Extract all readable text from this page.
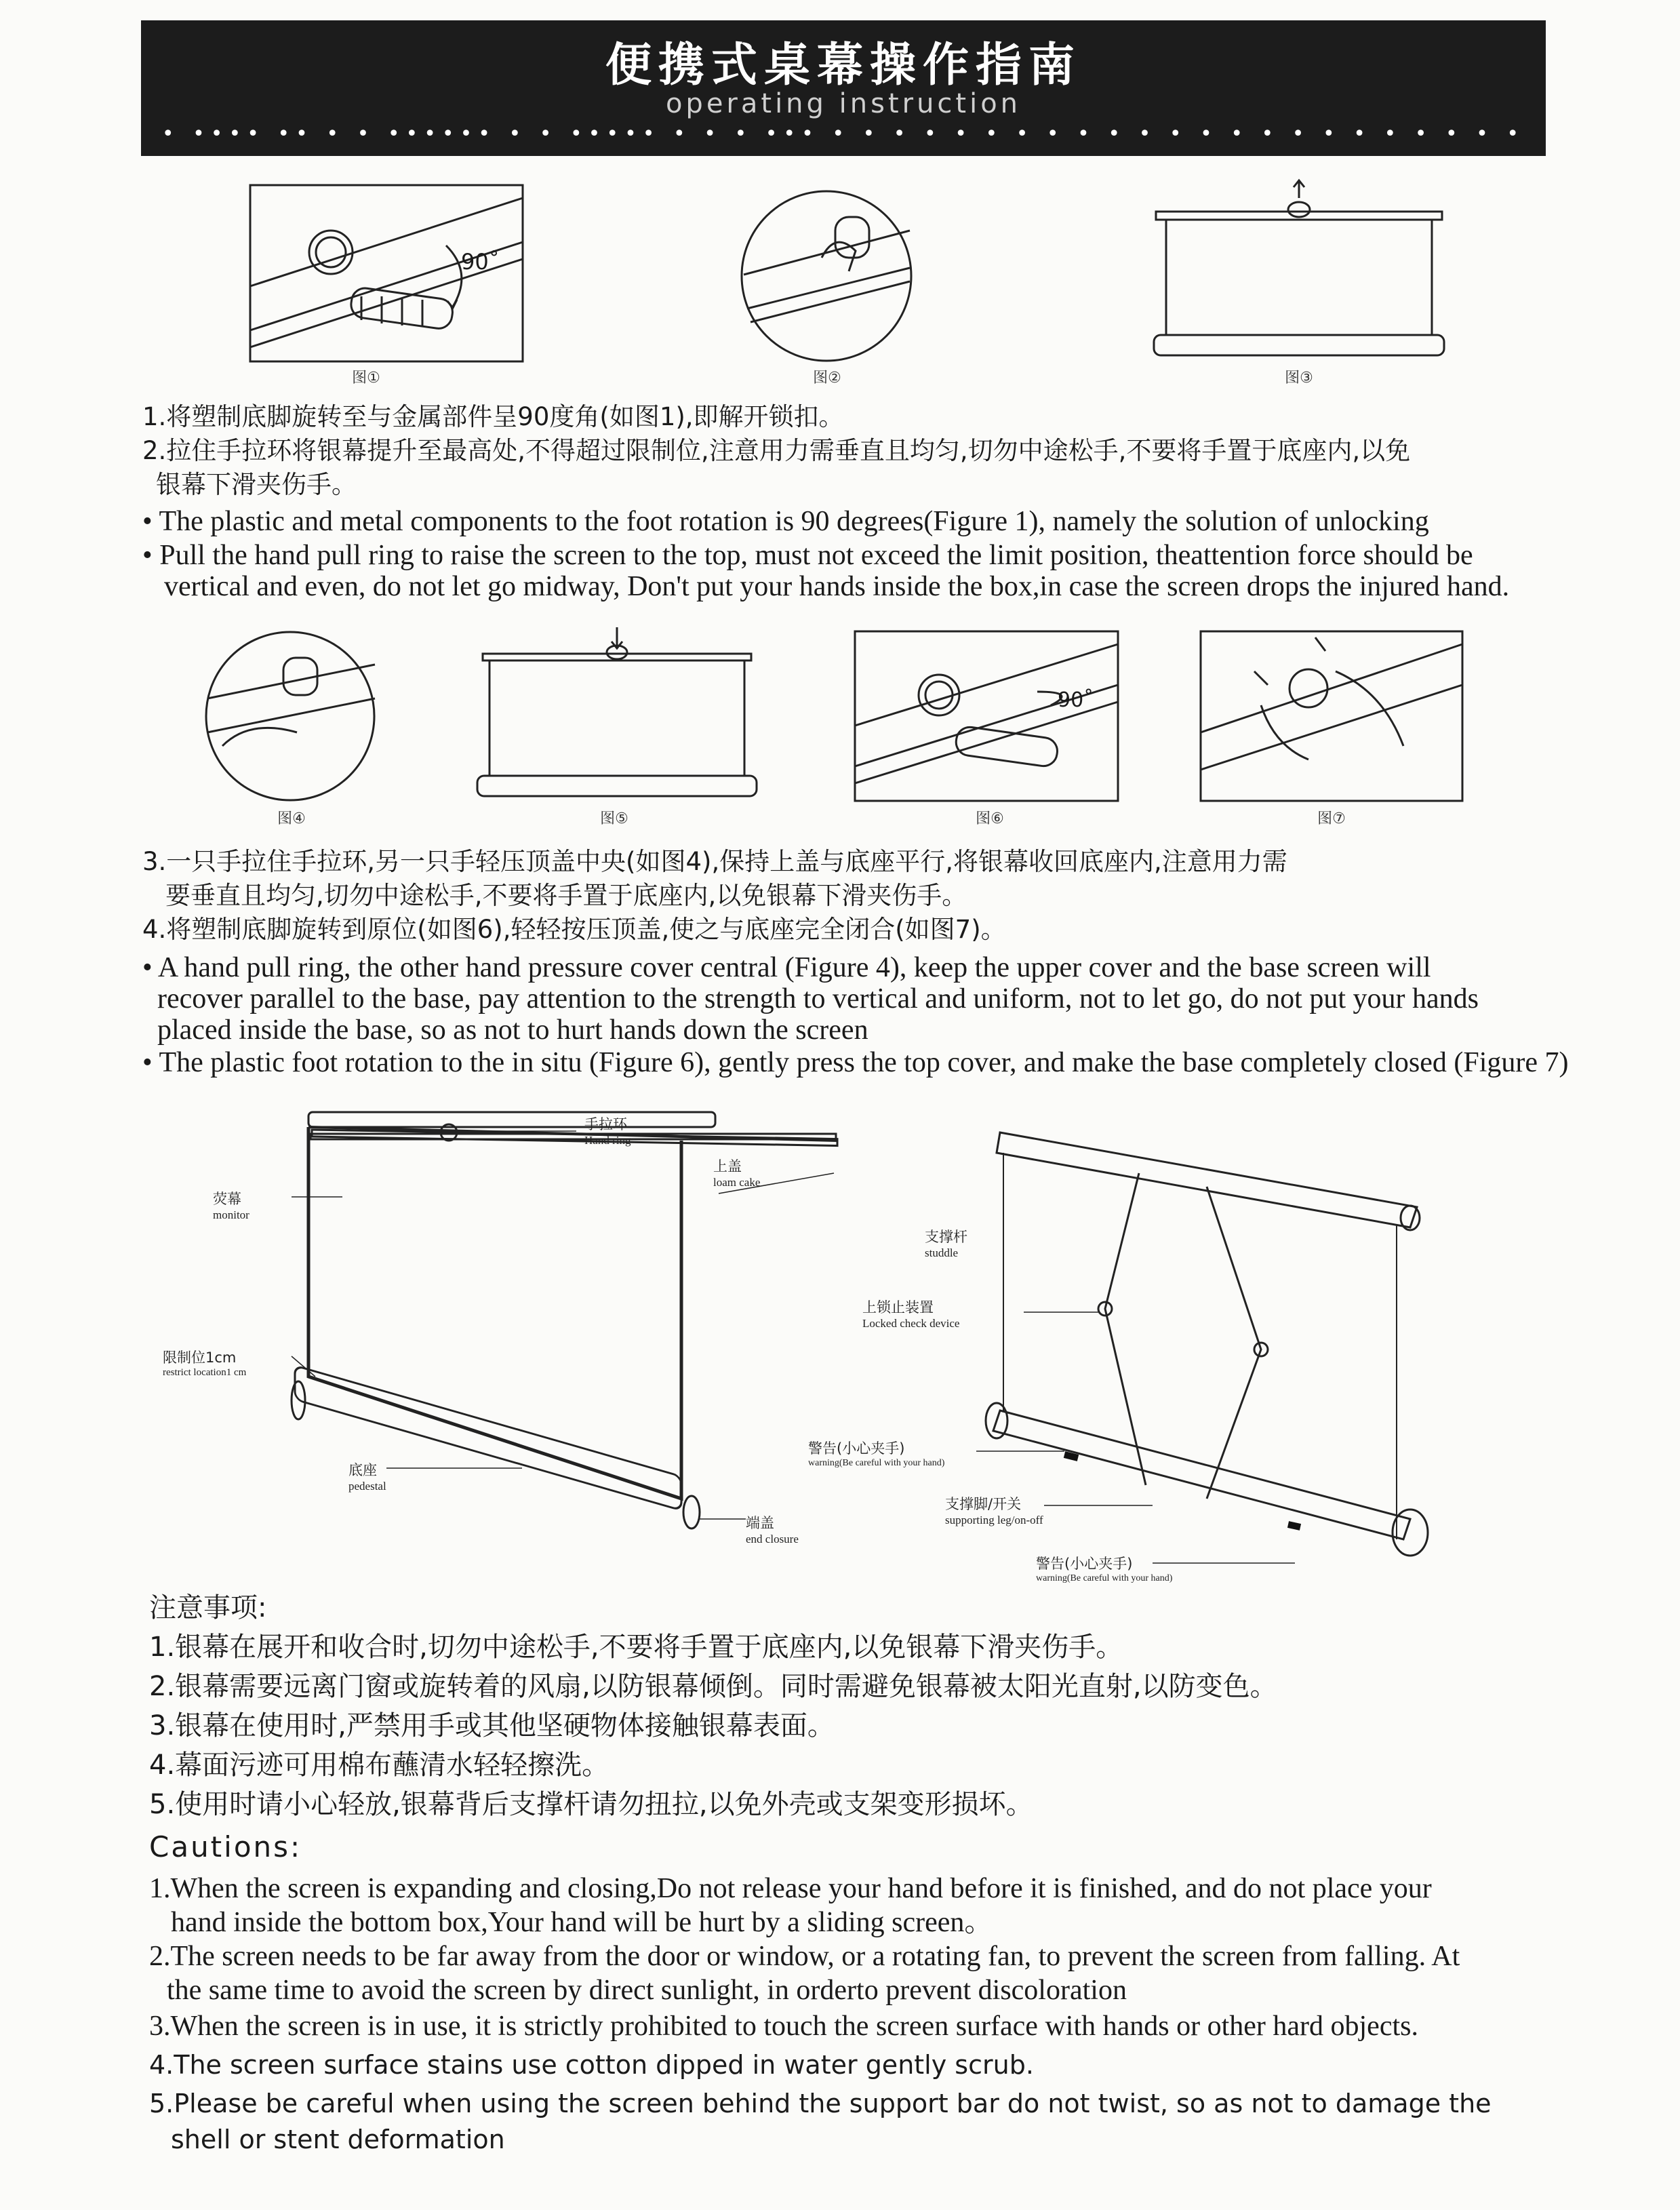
便携式桌幕操作指南
operating instruction
• •••• •• • • •••••• • • ••••• • • • ••• • • • • • • • • • • • • • • • • • • • • • • •
90˚
图①	图②	图③
1.将塑制底脚旋转至与金属部件呈90度角(如图1),即解开锁扣。
2.拉住手拉环将银幕提升至最高处,不得超过限制位,注意用力需垂直且均匀,切勿中途松手,不要将手置于底座内,以免
银幕下滑夹伤手。
• The plastic and metal components to the foot rotation is 90 degrees(Figure 1), namely the solution of unlocking
• Pull the hand pull ring to raise the screen to the top, must not exceed the limit position, theattention force should be
vertical and even, do not let go midway, Don't put your hands inside the box,in case the screen drops the injured hand.
图④	图⑤
90˚
图⑥	图⑦
3.一只手拉住手拉环,另一只手轻压顶盖中央(如图4),保持上盖与底座平行,将银幕收回底座内,注意用力需
要垂直且均匀,切勿中途松手,不要将手置于底座内,以免银幕下滑夹伤手。
4.将塑制底脚旋转到原位(如图6),轻轻按压顶盖,使之与底座完全闭合(如图7)。
• A hand pull ring, the other hand pressure cover central (Figure 4), keep the upper cover and the base screen will
recover parallel to the base, pay attention to the strength to vertical and uniform, not to let go, do not put your hands
placed inside the base, so as not to hurt hands down the screen
• The plastic foot rotation to the in situ (Figure 6), gently press the top cover, and make the base completely closed (Figure 7)
手拉环
Hand ring
上盖
loam cake
荧幕
monitor
限制位1cm
restrict location1 cm
底座
pedestal
端盖
end closure
支撑杆
studdle
上锁止装置
Locked check device
警告(小心夹手)
warning(Be careful with your hand)
支撑脚/开关
supporting leg/on-off
警告(小心夹手)
warning(Be careful with your hand)
注意事项:
1.银幕在展开和收合时,切勿中途松手,不要将手置于底座内,以免银幕下滑夹伤手。
2.银幕需要远离门窗或旋转着的风扇,以防银幕倾倒。同时需避免银幕被太阳光直射,以防变色。
3.银幕在使用时,严禁用手或其他坚硬物体接触银幕表面。
4.幕面污迹可用棉布蘸清水轻轻擦洗。
5.使用时请小心轻放,银幕背后支撑杆请勿扭拉,以免外壳或支架变形损坏。
Cautions:
1.When the screen is expanding and closing,Do not release your hand before it is finished, and do not place your
hand inside the bottom box,Your hand will be hurt by a sliding screen。
2.The screen needs to be far away from the door or window, or a rotating fan, to prevent the screen from falling. At
the same time to avoid the screen by direct sunlight, in orderto prevent discoloration
3.When the screen is in use, it is strictly prohibited to touch the screen surface with hands or other hard objects.
4.The screen surface stains use cotton dipped in water gently scrub.
5.Please be careful when using the screen behind the support bar do not twist, so as not to damage the
shell or stent deformation
